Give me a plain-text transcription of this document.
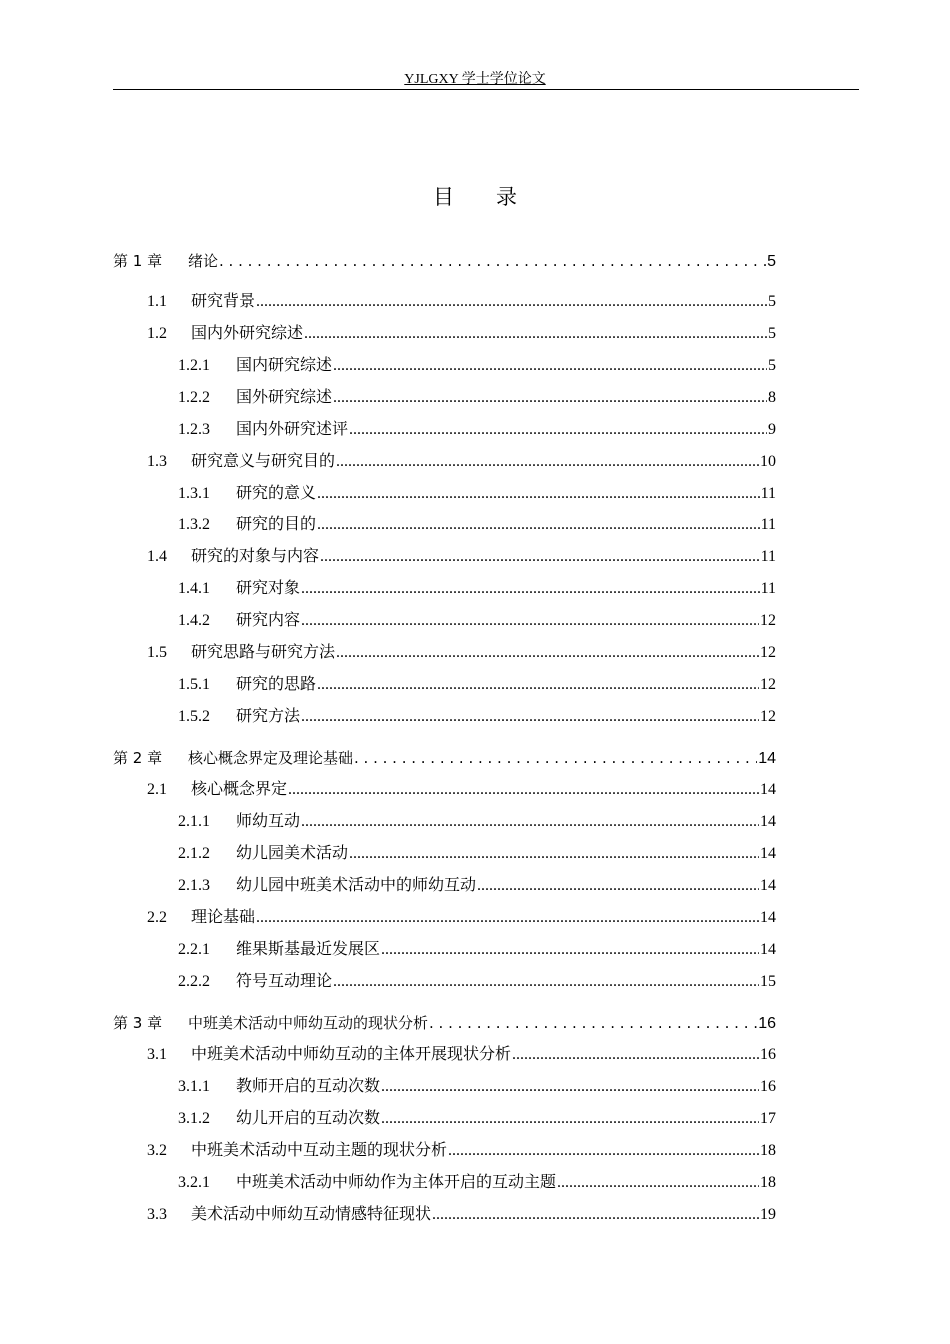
YJLGXY 学士学位论文
目录
第 1 章	绪论 . . .	5
1.1	研究背景 .....	5
1.2	国内外研究综述 .....	5
1.2.1	国内研究综述 .....	5
1.2.2	国外研究综述 .....	8
1.2.3	国内外研究述评 .....	9
1.3	研究意义与研究目的 .....	10
1.3.1	研究的意义 .....	11
1.3.2	研究的目的 .....	11
1.4	研究的对象与内容 .....	11
1.4.1	研究对象 .....	11
1.4.2	研究内容 .....	12
1.5	研究思路与研究方法 .....	12
1.5.1	研究的思路 .....	12
1.5.2	研究方法 .....	12
第 2 章	核心概念界定及理论基础 . . .	14
2.1	核心概念界定 .....	14
2.1.1	师幼互动 .....	14
2.1.2	幼儿园美术活动 .....	14
2.1.3	幼儿园中班美术活动中的师幼互动 .....	14
2.2	理论基础 .....	14
2.2.1	维果斯基最近发展区 .....	14
2.2.2	符号互动理论 .....	15
第 3 章	中班美术活动中师幼互动的现状分析 . . .	16
3.1	中班美术活动中师幼互动的主体开展现状分析 .....	16
3.1.1	教师开启的互动次数 .....	16
3.1.2	幼儿开启的互动次数 .....	17
3.2	中班美术活动中互动主题的现状分析 .....	18
3.2.1	中班美术活动中师幼作为主体开启的互动主题 .....	18
3.3	美术活动中师幼互动情感特征现状 .....	19
